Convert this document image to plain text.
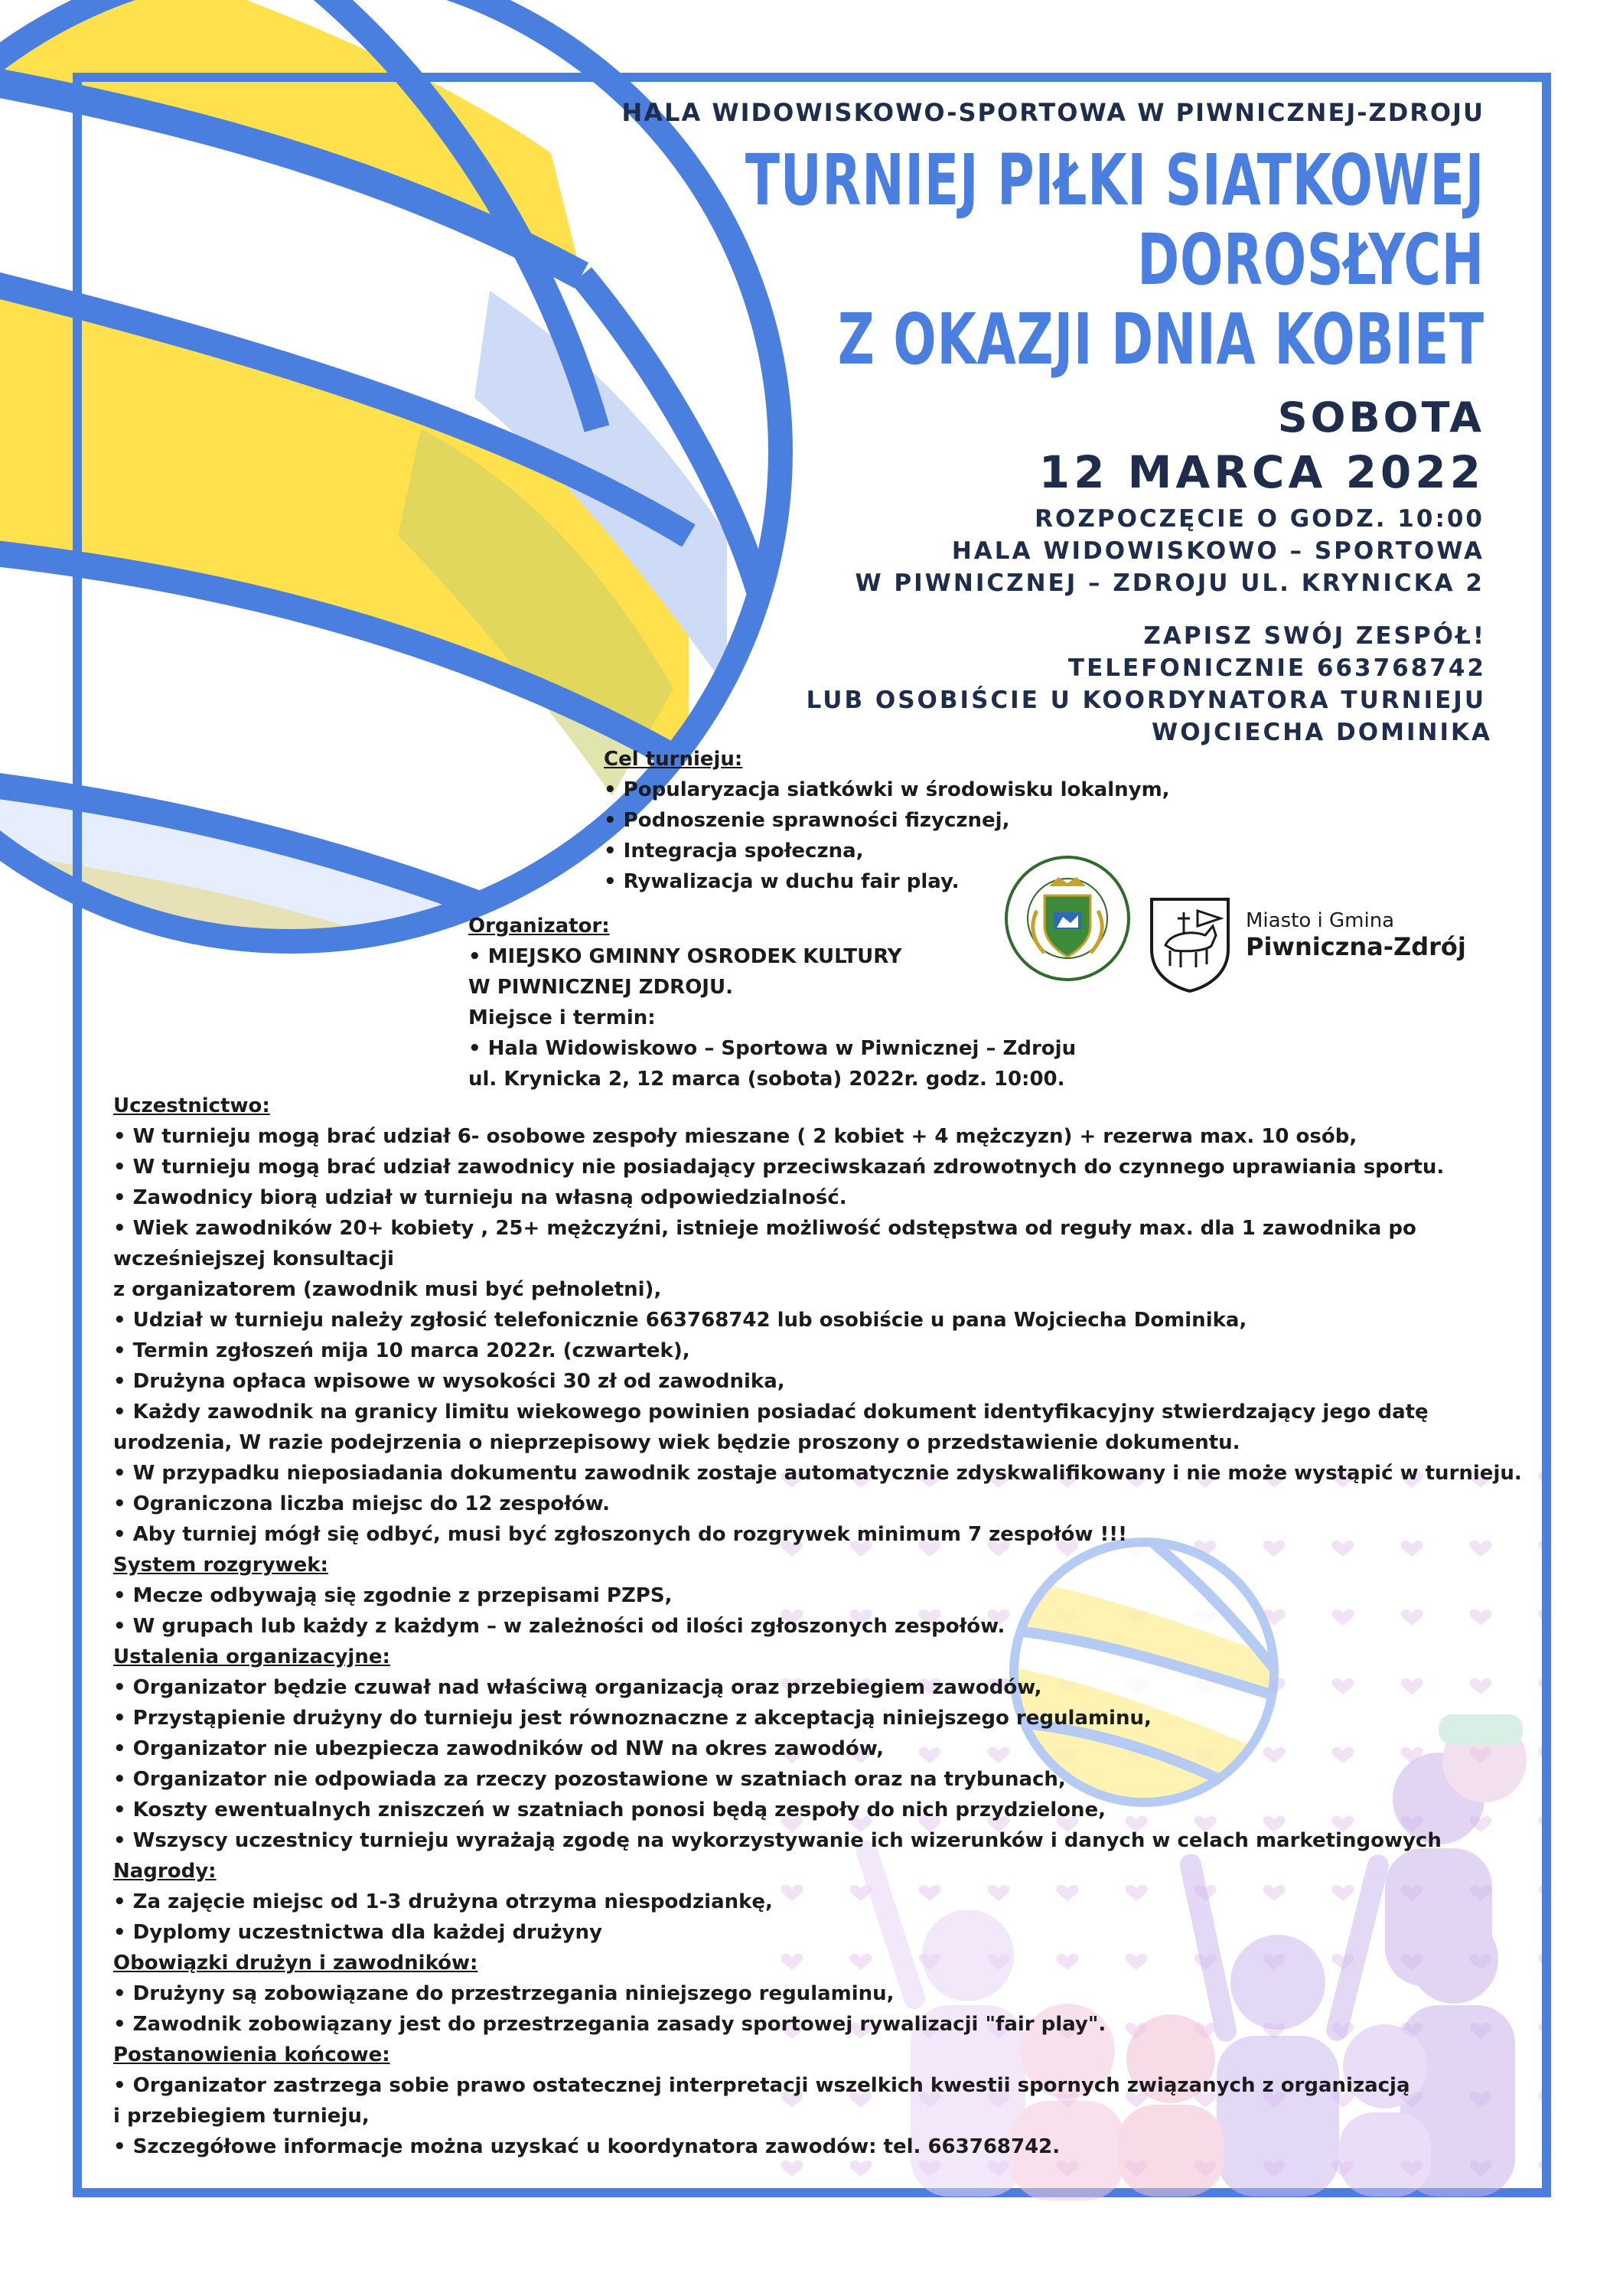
HALA WIDOWISKOWO-SPORTOWA W PIWNICZNEJ-ZDROJU
TURNIEJ PIŁKI SIATKOWEJ
DOROSŁYCH
Z OKAZJI DNIA KOBIET
SOBOTA
12 MARCA 2022
ROZPOCZĘCIE O GODZ. 10:00
HALA WIDOWISKOWO – SPORTOWA
W PIWNICZNEJ – ZDROJU UL. KRYNICKA 2
ZAPISZ SWÓJ ZESPÓŁ!
TELEFONICZNIE 663768742
LUB OSOBIŚCIE U KOORDYNATORA TURNIEJU
WOJCIECHA DOMINIKA
Cel turnieju:
• Popularyzacja siatkówki w środowisku lokalnym,
• Podnoszenie sprawności fizycznej,
• Integracja społeczna,
• Rywalizacja w duchu fair play.
Organizator:
• MIEJSKO GMINNY OSRODEK KULTURY
W PIWNICZNEJ ZDROJU.
Miejsce i termin:
• Hala Widowiskowo – Sportowa w Piwnicznej – Zdroju
ul. Krynicka 2, 12 marca (sobota) 2022r. godz. 10:00.
Miasto i Gmina
Piwniczna-Zdrój
Uczestnictwo:
• W turnieju mogą brać udział 6- osobowe zespoły mieszane ( 2 kobiet + 4 mężczyzn) + rezerwa max. 10 osób,
• W turnieju mogą brać udział zawodnicy nie posiadający przeciwskazań zdrowotnych do czynnego uprawiania sportu.
• Zawodnicy biorą udział w turnieju na własną odpowiedzialność.
• Wiek zawodników 20+ kobiety , 25+ mężczyźni, istnieje możliwość odstępstwa od reguły max. dla 1 zawodnika po
wcześniejszej konsultacji
z organizatorem (zawodnik musi być pełnoletni),
• Udział w turnieju należy zgłosić telefonicznie 663768742 lub osobiście u pana Wojciecha Dominika,
• Termin zgłoszeń mija 10 marca 2022r. (czwartek),
• Drużyna opłaca wpisowe w wysokości 30 zł od zawodnika,
• Każdy zawodnik na granicy limitu wiekowego powinien posiadać dokument identyfikacyjny stwierdzający jego datę
urodzenia, W razie podejrzenia o nieprzepisowy wiek będzie proszony o przedstawienie dokumentu.
• W przypadku nieposiadania dokumentu zawodnik zostaje automatycznie zdyskwalifikowany i nie może wystąpić w turnieju.
• Ograniczona liczba miejsc do 12 zespołów.
• Aby turniej mógł się odbyć, musi być zgłoszonych do rozgrywek minimum 7 zespołów !!!
System rozgrywek:
• Mecze odbywają się zgodnie z przepisami PZPS,
• W grupach lub każdy z każdym – w zależności od ilości zgłoszonych zespołów.
Ustalenia organizacyjne:
• Organizator będzie czuwał nad właściwą organizacją oraz przebiegiem zawodów,
• Przystąpienie drużyny do turnieju jest równoznaczne z akceptacją niniejszego regulaminu,
• Organizator nie ubezpiecza zawodników od NW na okres zawodów,
• Organizator nie odpowiada za rzeczy pozostawione w szatniach oraz na trybunach,
• Koszty ewentualnych zniszczeń w szatniach ponosi będą zespoły do nich przydzielone,
• Wszyscy uczestnicy turnieju wyrażają zgodę na wykorzystywanie ich wizerunków i danych w celach marketingowych
Nagrody:
• Za zajęcie miejsc od 1-3 drużyna otrzyma niespodziankę,
• Dyplomy uczestnictwa dla każdej drużyny
Obowiązki drużyn i zawodników:
• Drużyny są zobowiązane do przestrzegania niniejszego regulaminu,
• Zawodnik zobowiązany jest do przestrzegania zasady sportowej rywalizacji "fair play".
Postanowienia końcowe:
• Organizator zastrzega sobie prawo ostatecznej interpretacji wszelkich kwestii spornych związanych z organizacją
i przebiegiem turnieju,
• Szczegółowe informacje można uzyskać u koordynatora zawodów: tel. 663768742.
